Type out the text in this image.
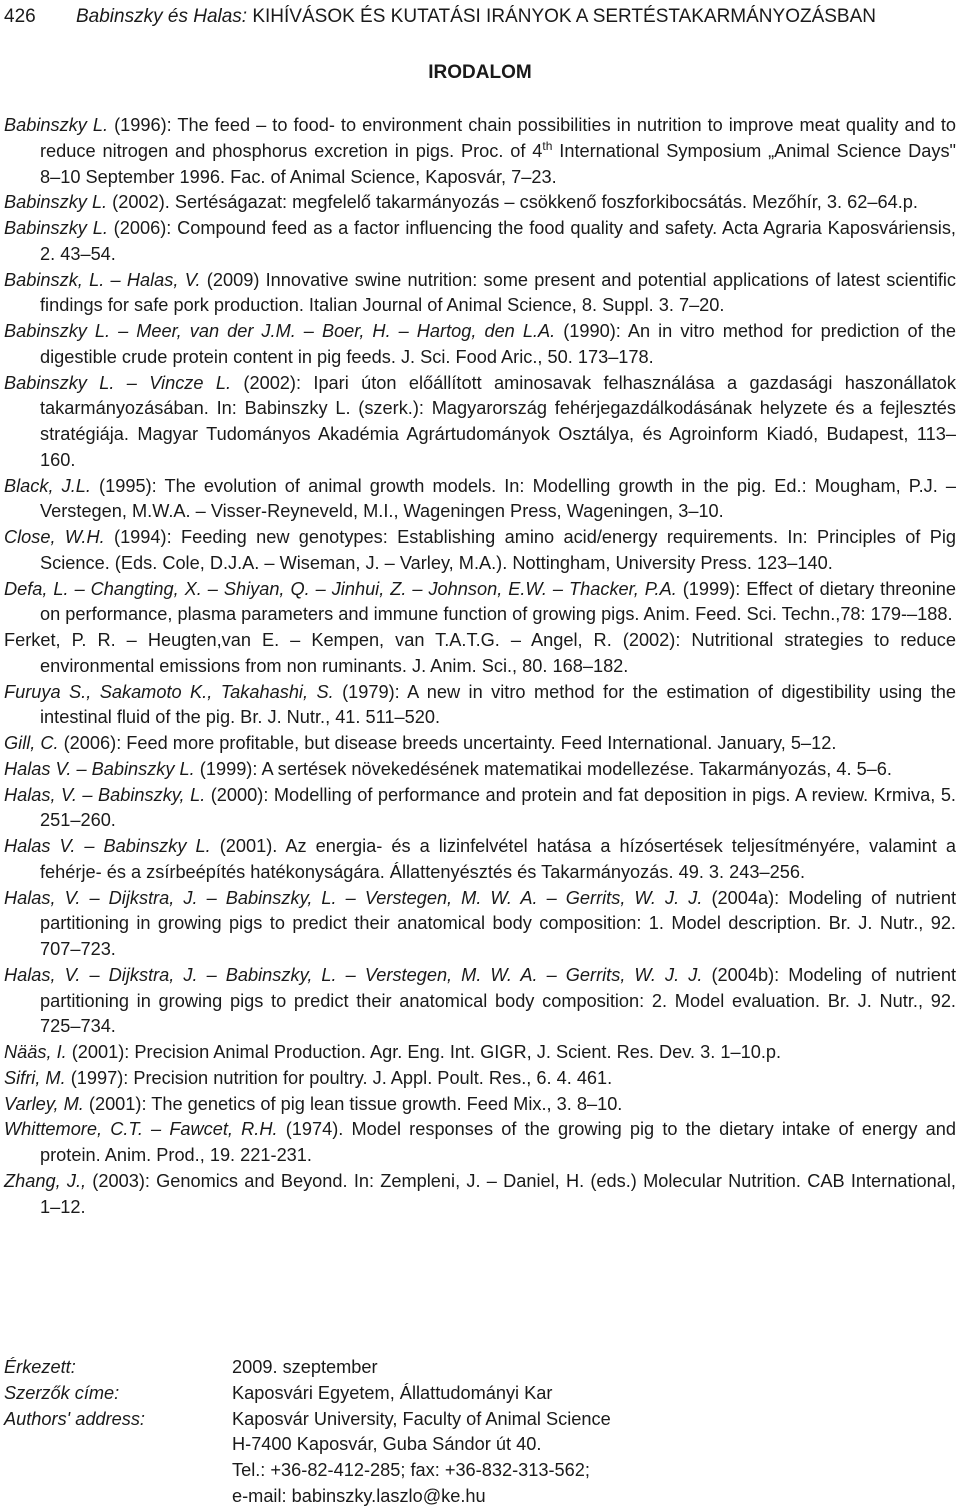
426 Babinszky és Halas: KIHÍVÁSOK ÉS KUTATÁSI IRÁNYOK A SERTÉSTAKARMÁNYOZÁSBAN
IRODALOM
Babinszky L. (1996): The feed – to food- to environment chain possibilities in nutrition to improve meat quality and to reduce nitrogen and phosphorus excretion in pigs. Proc. of 4th International Symposium „Animal Science Days" 8–10 September 1996. Fac. of Animal Science, Kaposvár, 7–23.
Babinszky L. (2002). Sertéságazat: megfelelő takarmányozás – csökkenő foszforkibocsátás. Mezőhír, 3. 62–64.p.
Babinszky L. (2006): Compound feed as a factor influencing the food quality and safety. Acta Agraria Kaposváriensis, 2. 43–54.
Babinszk, L. – Halas, V. (2009) Innovative swine nutrition: some present and potential applications of latest scientific findings for safe pork production. Italian Journal of Animal Science, 8. Suppl. 3. 7–20.
Babinszky L. – Meer, van der J.M. – Boer, H. – Hartog, den L.A. (1990): An in vitro method for prediction of the digestible crude protein content in pig feeds. J. Sci. Food Aric., 50. 173–178.
Babinszky L. – Vincze L. (2002): Ipari úton előállított aminosavak felhasználása a gazdasági haszonállatok takarmányozásában. In: Babinszky L. (szerk.): Magyarország fehérjegazdálkodásának helyzete és a fejlesztés stratégiája. Magyar Tudományos Akadémia Agrártudományok Osztálya, és Agroinform Kiadó, Budapest, 113–160.
Black, J.L. (1995): The evolution of animal growth models. In: Modelling growth in the pig. Ed.: Mougham, P.J. – Verstegen, M.W.A. – Visser-Reyneveld, M.I., Wageningen Press, Wageningen, 3–10.
Close, W.H. (1994): Feeding new genotypes: Establishing amino acid/energy requirements. In: Principles of Pig Science. (Eds. Cole, D.J.A. – Wiseman, J. – Varley, M.A.). Nottingham, University Press. 123–140.
Defa, L. – Changting, X. – Shiyan, Q. – Jinhui, Z. – Johnson, E.W. – Thacker, P.A. (1999): Effect of dietary threonine on performance, plasma parameters and immune function of growing pigs. Anim. Feed. Sci. Techn.,78: 179-–188.
Ferket, P. R. – Heugten,van E. – Kempen, van T.A.T.G. – Angel, R. (2002): Nutritional strategies to reduce environmental emissions from non ruminants. J. Anim. Sci., 80. 168–182.
Furuya S., Sakamoto K., Takahashi, S. (1979): A new in vitro method for the estimation of digestibility using the intestinal fluid of the pig. Br. J. Nutr., 41. 511–520.
Gill, C. (2006): Feed more profitable, but disease breeds uncertainty. Feed International. January, 5–12.
Halas V. – Babinszky L. (1999): A sertések növekedésének matematikai modellezése. Takarmányozás, 4. 5–6.
Halas, V. – Babinszky, L. (2000): Modelling of performance and protein and fat deposition in pigs. A review. Krmiva, 5. 251–260.
Halas V. – Babinszky L. (2001). Az energia- és a lizinfelvétel hatása a hízósertések teljesítményére, valamint a fehérje- és a zsírbeépítés hatékonyságára. Állattenyésztés és Takarmányozás. 49. 3. 243–256.
Halas, V. – Dijkstra, J. – Babinszky, L. – Verstegen, M. W. A. – Gerrits, W. J. J. (2004a): Modeling of nutrient partitioning in growing pigs to predict their anatomical body composition: 1. Model description. Br. J. Nutr., 92. 707–723.
Halas, V. – Dijkstra, J. – Babinszky, L. – Verstegen, M. W. A. – Gerrits, W. J. J. (2004b): Modeling of nutrient partitioning in growing pigs to predict their anatomical body composition: 2. Model evaluation. Br. J. Nutr., 92. 725–734.
Nääs, I. (2001): Precision Animal Production. Agr. Eng. Int. GIGR, J. Scient. Res. Dev. 3. 1–10.p.
Sifri, M. (1997): Precision nutrition for poultry. J. Appl. Poult. Res., 6. 4. 461.
Varley, M. (2001): The genetics of pig lean tissue growth. Feed Mix., 3. 8–10.
Whittemore, C.T. – Fawcet, R.H. (1974). Model responses of the growing pig to the dietary intake of energy and protein. Anim. Prod., 19. 221-231.
Zhang, J., (2003): Genomics and Beyond. In: Zempleni, J. – Daniel, H. (eds.) Molecular Nutrition. CAB International, 1–12.
Érkezett:	2009. szeptember
Szerzők címe:	Kaposvári Egyetem, Állattudományi Kar
Authors' address:	Kaposvár University, Faculty of Animal Science
H-7400 Kaposvár, Guba Sándor út 40.
Tel.: +36-82-412-285; fax: +36-832-313-562;
e-mail: babinszky.laszlo@ke.hu
